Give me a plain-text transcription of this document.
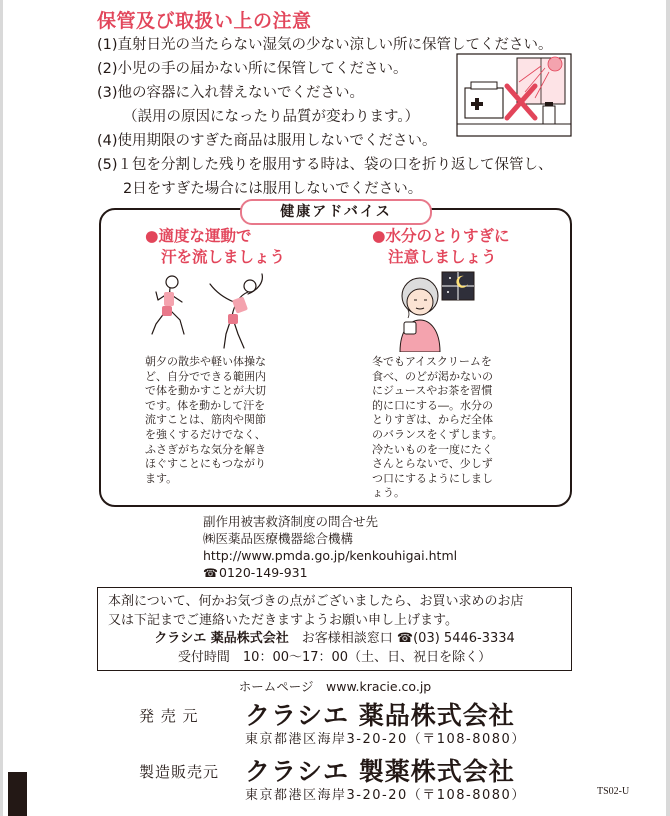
保管及び取扱い上の注意
(1)直射日光の当たらない湿気の少ない涼しい所に保管してください。
(2)小児の手の届かない所に保管してください。
(3)他の容器に入れ替えないでください。
（誤用の原因になったり品質が変わります。）
(4)使用期限のすぎた商品は服用しないでください。
(5)１包を分割した残りを服用する時は、袋の口を折り返して保管し、
2日をすぎた場合には服用しないでください。
健康アドバイス
●適度な運動で
汗を流しましょう
●水分のとりすぎに
注意しましょう
朝夕の散歩や軽い体操な
ど、自分でできる範囲内
で体を動かすことが大切
です。体を動かして汗を
流すことは、筋肉や関節
を強くするだけでなく、
ふさぎがちな気分を解き
ほぐすことにもつながり
ます。
冬でもアイスクリームを
食べ、のどが渇かないの
にジュースやお茶を習慣
的に口にする―。水分の
とりすぎは、からだ全体
のバランスをくずします。
冷たいものを一度にたく
さんとらないで、少しず
つ口にするようにしまし
ょう。
副作用被害救済制度の問合せ先
㈱医薬品医療機器総合機構
http://www.pmda.go.jp/kenkouhigai.html
☎0120-149-931
本剤について、何かお気づきの点がございましたら、お買い求めのお店
又は下記までご連絡いただきますようお願い申し上げます。
クラシエ 薬品株式会社　 お客様相談窓口 ☎(03) 5446-3334
受付時間　10：00〜17：00（土、日、祝日を除く）
ホームページ　www.kracie.co.jp
発 売 元 クラシエ 薬品株式会社
東京都港区海岸3-20-20（〒108-8080）
製造販売元 クラシエ 製薬株式会社
東京都港区海岸3-20-20（〒108-8080）	TS02-U
